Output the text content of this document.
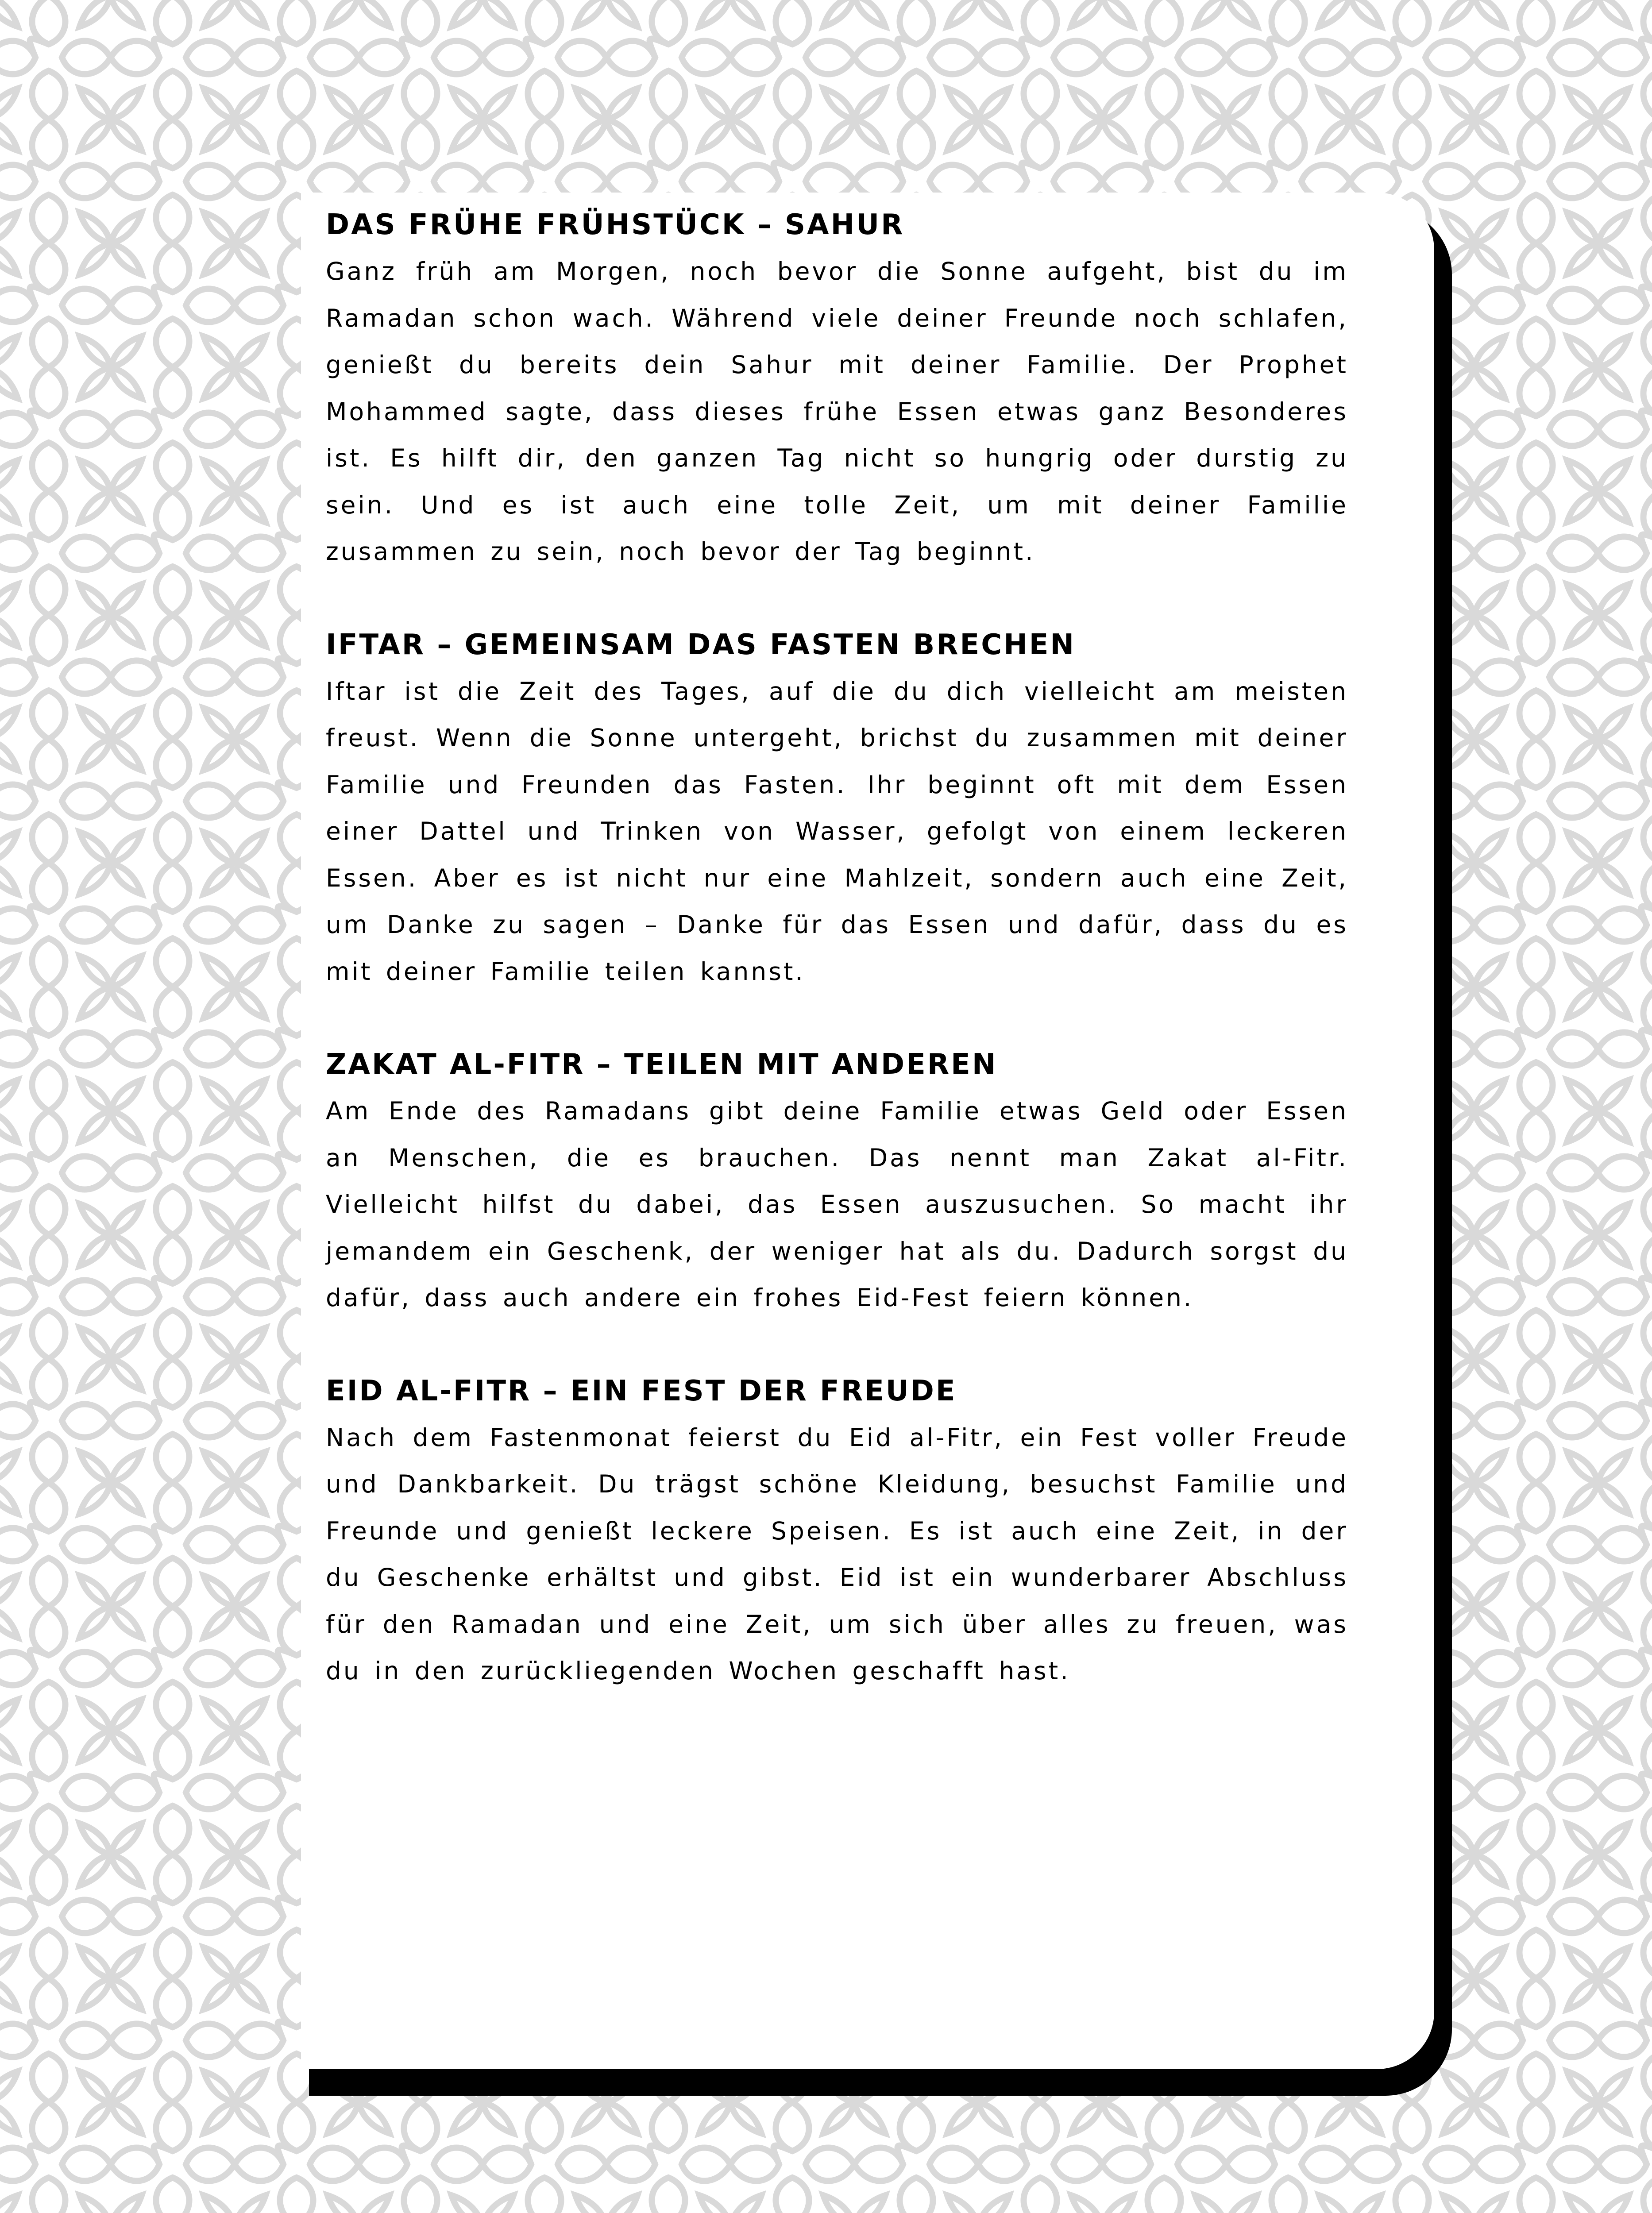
DAS FRÜHE FRÜHSTÜCK – SAHUR

Ganz früh am Morgen, noch bevor die Sonne aufgeht, bist du im Ramadan schon wach. Während viele deiner Freunde noch schlafen, genießt du bereits dein Sahur mit deiner Familie. Der Prophet Mohammed sagte, dass dieses frühe Essen etwas ganz Besonderes ist. Es hilft dir, den ganzen Tag nicht so hungrig oder durstig zu sein. Und es ist auch eine tolle Zeit, um mit deiner Familie zusammen zu sein, noch bevor der Tag beginnt.

IFTAR – GEMEINSAM DAS FASTEN BRECHEN

Iftar ist die Zeit des Tages, auf die du dich vielleicht am meisten freust. Wenn die Sonne untergeht, brichst du zusammen mit deiner Familie und Freunden das Fasten. Ihr beginnt oft mit dem Essen einer Dattel und Trinken von Wasser, gefolgt von einem leckeren Essen. Aber es ist nicht nur eine Mahlzeit, sondern auch eine Zeit, um Danke zu sagen – Danke für das Essen und dafür, dass du es mit deiner Familie teilen kannst.

ZAKAT AL-FITR – TEILEN MIT ANDEREN

Am Ende des Ramadans gibt deine Familie etwas Geld oder Essen an Menschen, die es brauchen. Das nennt man Zakat al-Fitr. Vielleicht hilfst du dabei, das Essen auszusuchen. So macht ihr jemandem ein Geschenk, der weniger hat als du. Dadurch sorgst du dafür, dass auch andere ein frohes Eid-Fest feiern können.

EID AL-FITR – EIN FEST DER FREUDE

Nach dem Fastenmonat feierst du Eid al-Fitr, ein Fest voller Freude und Dankbarkeit. Du trägst schöne Kleidung, besuchst Familie und Freunde und genießt leckere Speisen. Es ist auch eine Zeit, in der du Geschenke erhältst und gibst. Eid ist ein wunderbarer Abschluss für den Ramadan und eine Zeit, um sich über alles zu freuen, was du in den zurückliegenden Wochen geschafft hast.
